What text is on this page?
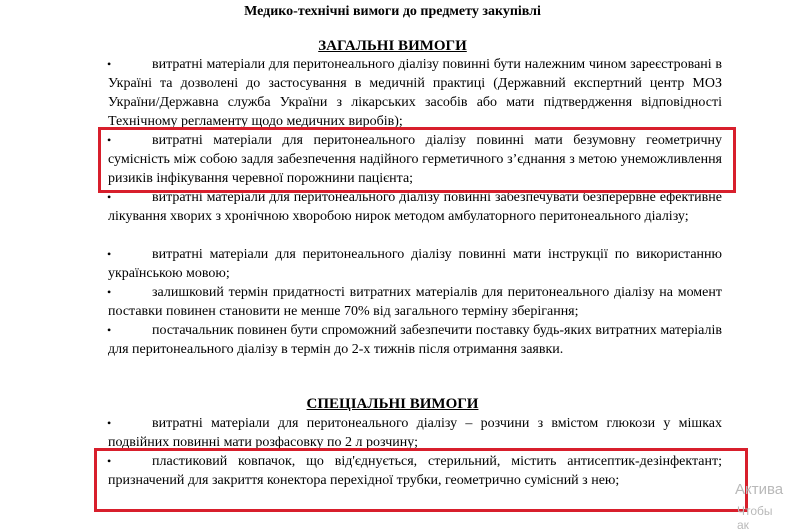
Медико-технічні вимоги до предмету закупівлі
ЗАГАЛЬНІ ВИМОГИ
•	витратні матеріали для перитонеального діалізу повинні бути належним чином зареєстровані в Україні та дозволені до застосування в медичній практиці (Державний експертний центр МОЗ України/Державна служба України з лікарських засобів або мати підтвердження відповідності Технічному регламенту щодо медичних виробів);
•	витратні матеріали для перитонеального діалізу повинні мати безумовну геометричну сумісність між собою задля забезпечення надійного герметичного з’єднання з метою унеможливлення ризиків інфікування черевної порожнини пацієнта;
•	витратні матеріали для перитонеального діалізу повинні забезпечувати безперервне ефективне лікування хворих з хронічною хворобою нирок методом амбулаторного перитонеального діалізу;
•	витратні матеріали для перитонеального діалізу повинні мати інструкції по використанню українською мовою;
•	залишковий термін придатності витратних матеріалів для перитонеального діалізу на момент поставки повинен становити не менше 70% від загального терміну зберігання;
•	постачальник повинен бути спроможний забезпечити поставку будь-яких витратних матеріалів для перитонеального діалізу в термін до 2-х тижнів після отримання заявки.
СПЕЦІАЛЬНІ ВИМОГИ
•	витратні матеріали для перитонеального діалізу – розчини з вмістом глюкози у мішках подвійних повинні мати розфасовку по 2 л розчину;
•	пластиковий ковпачок, що від'єднується, стерильний, містить антисептик-дезінфектант; призначений для закриття конектора перехідної трубки, геометрично сумісний з нею;
Актива
Чтобы ак
